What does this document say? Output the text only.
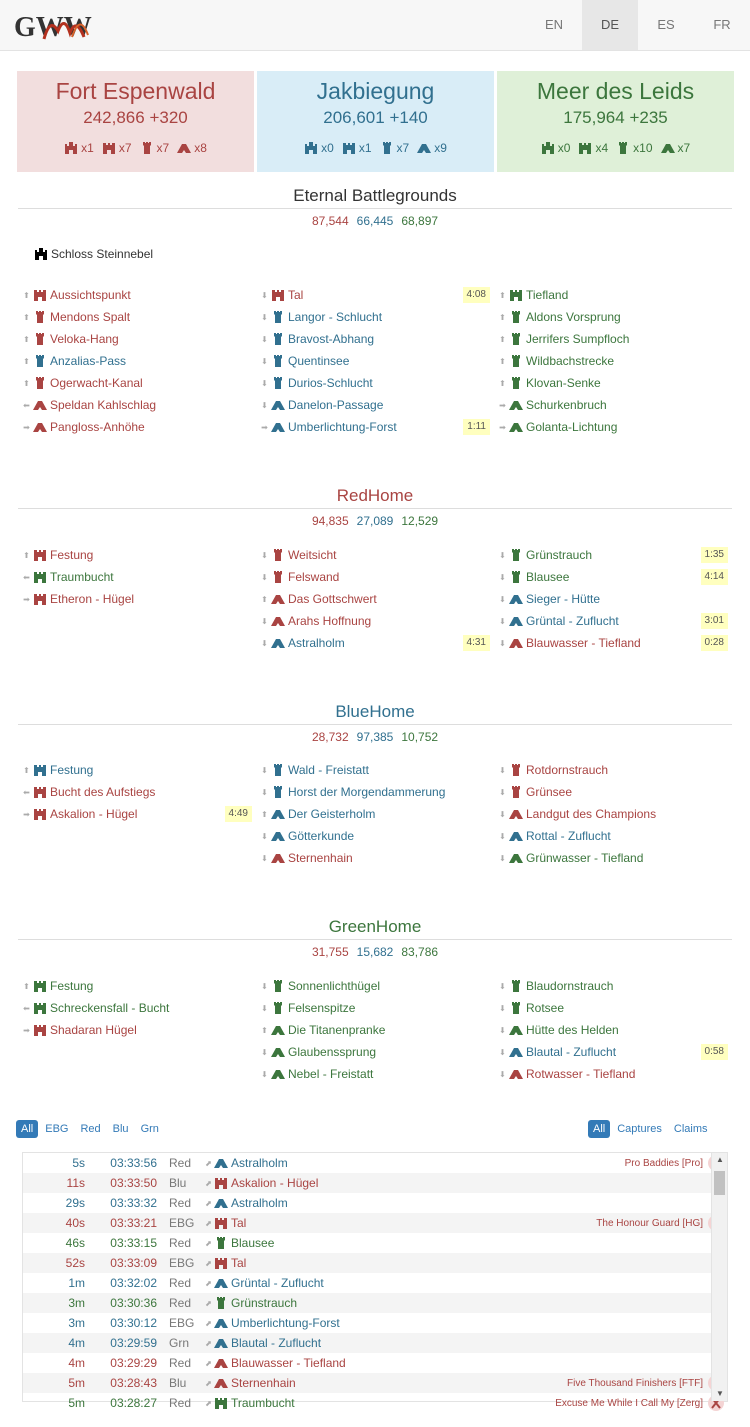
GWW	EN	DE	ES	FR
Fort Espenwald
242,866 +320
x1 x7 x7 x8
Jakbiegung
206,601 +140
x0 x1 x7 x9
Meer des Leids
175,964 +235
x0 x4 x10 x7
Eternal Battlegrounds
87,544 66,445 68,897
Schloss Steinnebel
⬆ Aussichtspunkt
⬆ Mendons Spalt
⬆ Veloka-Hang
⬆ Anzalias-Pass
⬆ Ogerwacht-Kanal
⬅ Speldan Kahlschlag
➡ Pangloss-Anhöhe
⬇ Tal	4:08
⬇ Langor - Schlucht
⬇ Bravost-Abhang
⬇ Quentinsee
⬇ Durios-Schlucht
⬇ Danelon-Passage
➡ Umberlichtung-Forst	1:11
⬆ Tiefland
⬆ Aldons Vorsprung
⬆ Jerrifers Sumpfloch
⬆ Wildbachstrecke
⬆ Klovan-Senke
➡ Schurkenbruch
➡ Golanta-Lichtung
RedHome
94,835 27,089 12,529
⬆ Festung
⬅ Traumbucht
➡ Etheron - Hügel
⬇ Weitsicht
⬇ Felswand
⬆ Das Gottschwert
⬇ Arahs Hoffnung
⬇ Astralholm	4:31
⬇ Grünstrauch	1:35
⬇ Blausee	4:14
⬇ Sieger - Hütte
⬇ Grüntal - Zuflucht	3:01
⬇ Blauwasser - Tiefland	0:28
BlueHome
28,732 97,385 10,752
⬆ Festung
⬅ Bucht des Aufstiegs
➡ Askalion - Hügel	4:49
⬇ Wald - Freistatt
⬇ Horst der Morgendammerung
⬆ Der Geisterholm
⬇ Götterkunde
⬇ Sternenhain
⬇ Rotdornstrauch
⬇ Grünsee
⬇ Landgut des Champions
⬇ Rottal - Zuflucht
⬇ Grünwasser - Tiefland
GreenHome
31,755 15,682 83,786
⬆ Festung
⬅ Schreckensfall - Bucht
➡ Shadaran Hügel
⬇ Sonnenlichthügel
⬇ Felsenspitze
⬆ Die Titanenpranke
⬇ Glaubenssprung
⬇ Nebel - Freistatt
⬇ Blaudornstrauch
⬇ Rotsee
⬇ Hütte des Helden
⬇ Blautal - Zuflucht	0:58
⬇ Rotwasser - Tiefland
All	EBG	Red	Blu	Grn	All	Captures	Claims
5s	03:33:56	Red	⬈ Astralholm	Pro Baddies [Pro]
11s	03:33:50	Blu	⬈ Askalion - Hügel
29s	03:33:32	Red	⬈ Astralholm
40s	03:33:21	EBG	⬈ Tal	The Honour Guard [HG]
46s	03:33:15	Red	⬈ Blausee
52s	03:33:09	EBG	⬈ Tal
1m	03:32:02	Red	⬈ Grüntal - Zuflucht
3m	03:30:36	Red	⬈ Grünstrauch
3m	03:30:12	EBG	⬈ Umberlichtung-Forst
4m	03:29:59	Grn	⬈ Blautal - Zuflucht
4m	03:29:29	Red	⬈ Blauwasser - Tiefland
5m	03:28:43	Blu	⬈ Sternenhain	Five Thousand Finishers [FTF]
5m	03:28:27	Red	⬈ Traumbucht	Excuse Me While I Call My [Zerg]
▲
▼
